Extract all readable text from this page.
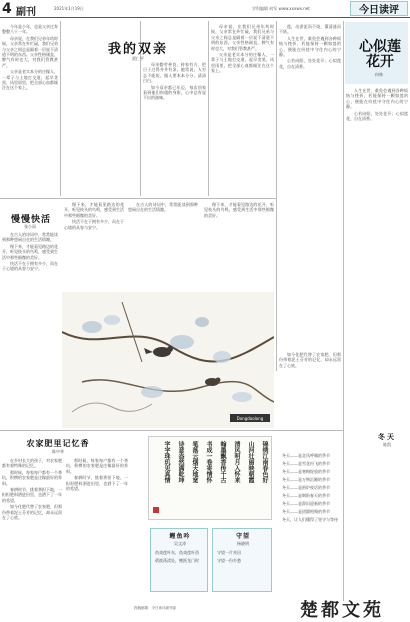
4 副刊	2021年1月19日	学科编辑 何军 www.xxxwx.net	今日读评
我的双亲
贾仁平

今年是小年，也是父亲过寿整整八十一年。

母亲说，在我们兄弟年幼时候，父亲常在外忙碌，我们兄弟与父亲之间总是隔着一层说不清道不明的东西。父亲性格刚直，脾气有时也大，对我们管教甚严。

父亲是老实本分的庄稼人，一辈子与土地打交道，起早贪黑，风里雨里，把全部心血都倾注在这个家上。

母亲勤劳善良，持家有方，把日子过得井井有条。她常说，人穷志不能短，做人要本本分分、清清白白。

如今双亲都已年迈，每次回家看到他们佝偻的身影，心中总有说不出的滋味。

母亲说，在我们兄弟年幼时候，父亲常在外忙碌，我们兄弟与父亲之间总是隔着一层说不清道不明的东西。父亲性格刚直，脾气有时也大，对我们管教甚严。

父亲是老实本分的庄稼人，一辈子与土地打交道，起早贪黑，风里雨里，把全部心血都倾注在这个家上。

慢慢快活
张小雨

在古人的诗词中，常常能读到那种悠闲自在的生活情趣。

慢下来，才能看见路边的花开，听见枝头的鸟鸣，感受到生活中那些细微的美好。

快活不在于拥有多少，而在于心境的从容与安宁。

慢下来，才能看见路边的花开，听见枝头的鸟鸣，感受到生活中那些细微的美好。

快活不在于拥有多少，而在于心境的从容与安宁。

在古人的诗词中，常常能读到那种悠闲自在的生活情趣。

慢下来，才能看见路边的花开，听见枝头的鸟鸣，感受到生活中那些细微的美好。

Dongdaolong
农家肥里记忆香
陈中华

在乡村长大的孩子，对农家肥都有着特殊的记忆。

那时候，每家每户都有一个粪坑，积攒的农家肥是庄稼最好的养料。

春耕时节，挑着粪担下地，一担担肥料洒进田里，也洒下了一年的希望。

如今化肥代替了农家肥，但那份带着泥土芬芳的记忆，却永远留在了心底。

那时候，每家每户都有一个粪坑，积攒的农家肥是庄稼最好的养料。

春耕时节，挑着粪担下地，一担担肥料洒进田里，也洒下了一年的希望。

锦绣江南春色好
山河壮丽映朝霞
清风明月入怀来
翰墨飘香传千古
书成一卷寄情怀
笔落云烟天地宽
诗意盎然满乾坤
字字珠玑见真情
鲤鱼吟
吴文涛
鱼戏莲叶东，鱼戏莲叶西
碧波荡漾处，鲤跃龙门时
守望
杨晓明
守望一片麦田
守望一份乡愁

莲，出淤泥而不染，濯清涟而不妖。

人生在世，难免会遇到各种烦恼与挫折，若能保持一颗如莲的心，便能在纷扰中守住内心的宁静。

心若向阳，处处花开；心似莲花，自在清香。

如今化肥代替了农家肥，但那份带着泥土芬芳的记忆，却永远留在了心底。

心似莲花开
何林

人生在世，难免会遇到各种烦恼与挫折，若能保持一颗如莲的心，便能在纷扰中守住内心的宁静。

心若向阳，处处花开；心似莲花，自在清香。

冬天
陈凯
冬天——是北风呼啸的季节
冬天——是雪花纷飞的季节
冬天——是寒梅绽放的季节
冬天——是万物沉睡的季节
冬天——是围炉夜话的季节
冬天——是期盼春天的季节
冬天——是辞旧迎新的季节
冬天——是团圆相聚的季节
冬天，让人们懂得了坚守与等待
楚都文苑
投稿邮箱：今日读评副刊部
